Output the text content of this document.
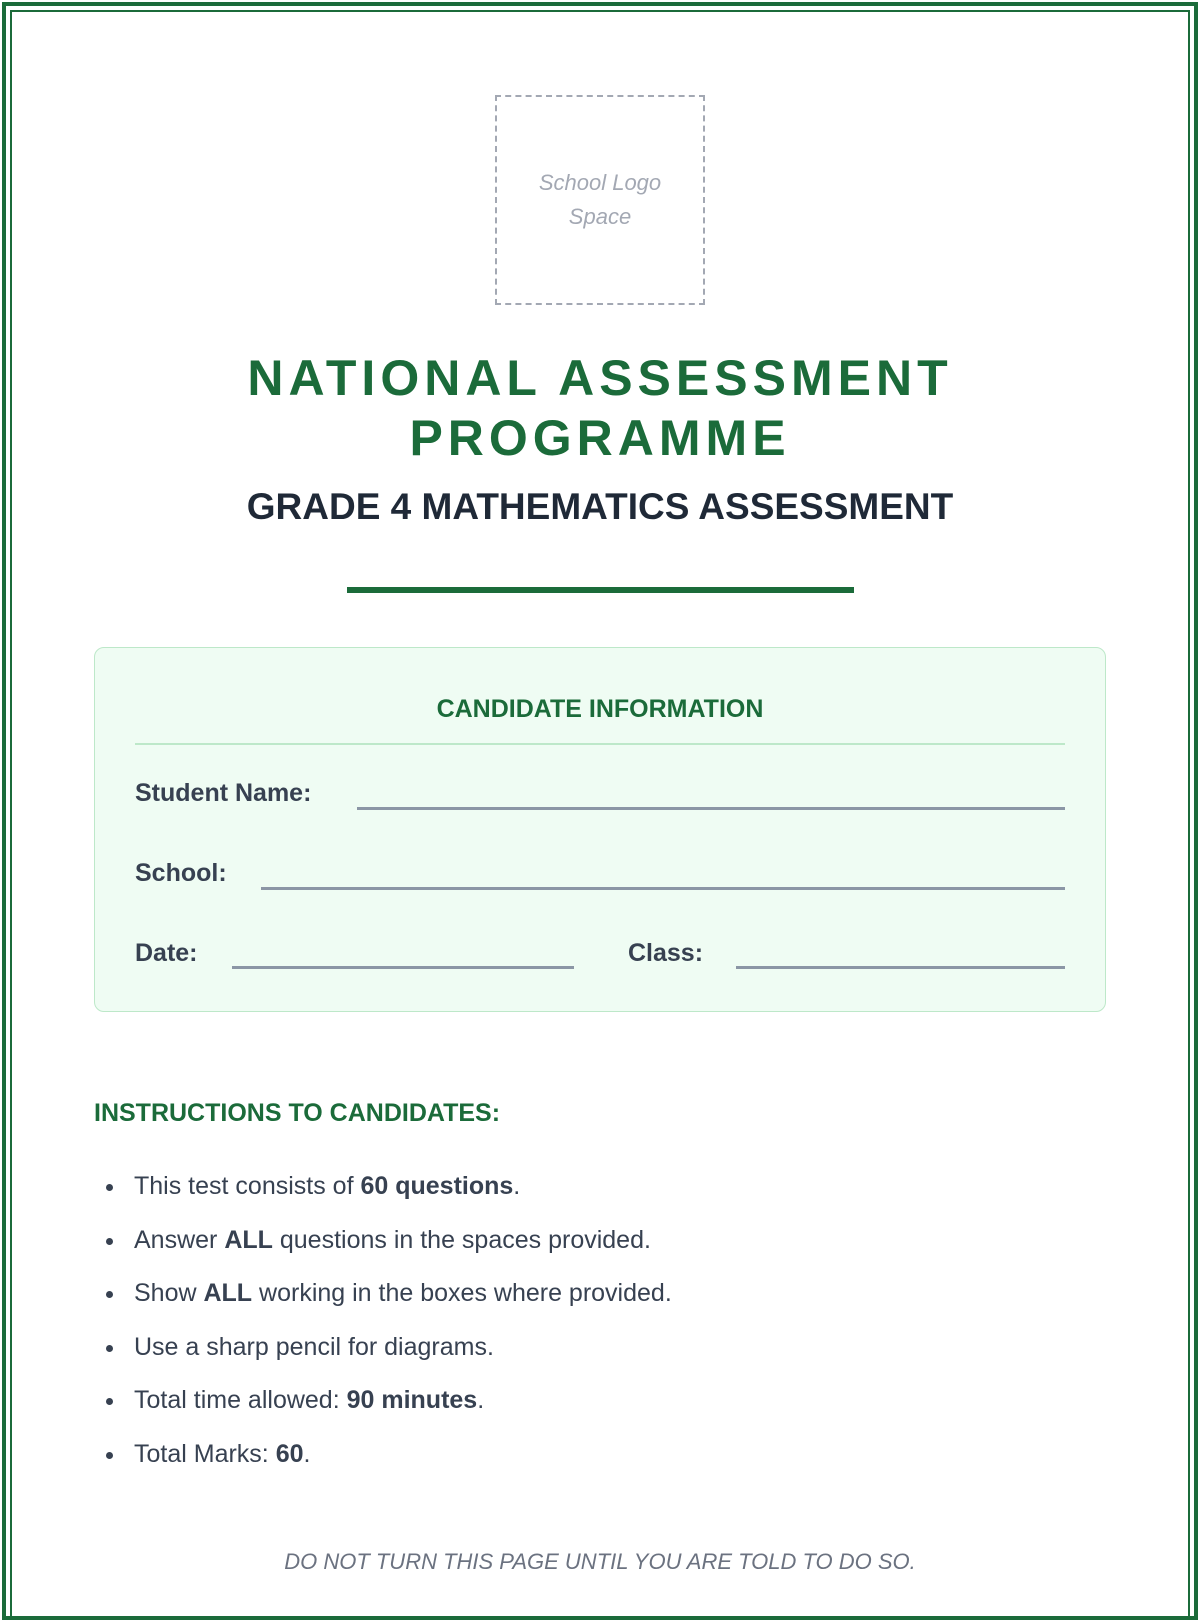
School Logo
Space
NATIONAL ASSESSMENT
PROGRAMME
GRADE 4 MATHEMATICS ASSESSMENT
CANDIDATE INFORMATION
Student Name:
School:
Date:	Class:
INSTRUCTIONS TO CANDIDATES:
This test consists of 60 questions.
Answer ALL questions in the spaces provided.
Show ALL working in the boxes where provided.
Use a sharp pencil for diagrams.
Total time allowed: 90 minutes.
Total Marks: 60.
DO NOT TURN THIS PAGE UNTIL YOU ARE TOLD TO DO SO.
